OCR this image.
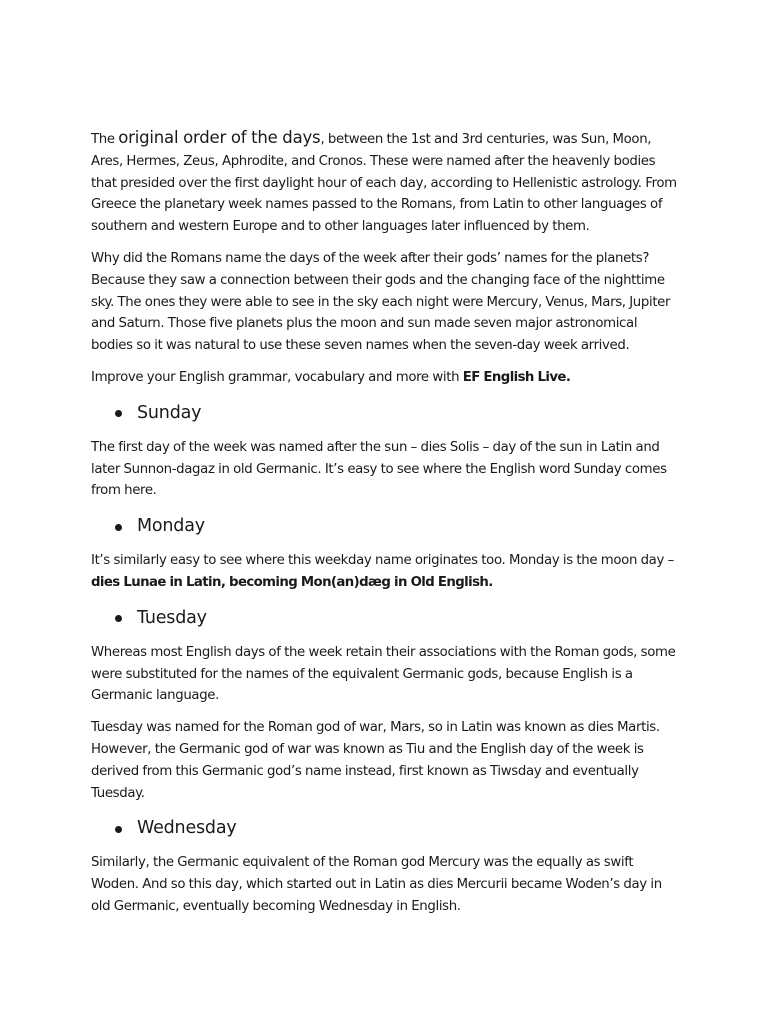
The original order of the days, between the 1st and 3rd centuries, was Sun, Moon, Ares, Hermes, Zeus, Aphrodite, and Cronos. These were named after the heavenly bodies that presided over the first daylight hour of each day, according to Hellenistic astrology. From Greece the planetary week names passed to the Romans, from Latin to other languages of southern and western Europe and to other languages later influenced by them.

Why did the Romans name the days of the week after their gods’ names for the planets? Because they saw a connection between their gods and the changing face of the nighttime sky. The ones they were able to see in the sky each night were Mercury, Venus, Mars, Jupiter and Saturn. Those five planets plus the moon and sun made seven major astronomical bodies so it was natural to use these seven names when the seven-day week arrived.

Improve your English grammar, vocabulary and more with EF English Live.

Sunday

The first day of the week was named after the sun – dies Solis – day of the sun in Latin and later Sunnon-dagaz in old Germanic. It’s easy to see where the English word Sunday comes from here.

Monday

It’s similarly easy to see where this weekday name originates too. Monday is the moon day – dies Lunae in Latin, becoming Mon(an)dæg in Old English.

Tuesday

Whereas most English days of the week retain their associations with the Roman gods, some were substituted for the names of the equivalent Germanic gods, because English is a Germanic language.

Tuesday was named for the Roman god of war, Mars, so in Latin was known as dies Martis. However, the Germanic god of war was known as Tiu and the English day of the week is derived from this Germanic god’s name instead, first known as Tiwsday and eventually Tuesday.

Wednesday

Similarly, the Germanic equivalent of the Roman god Mercury was the equally as swift Woden. And so this day, which started out in Latin as dies Mercurii became Woden’s day in old Germanic, eventually becoming Wednesday in English.
